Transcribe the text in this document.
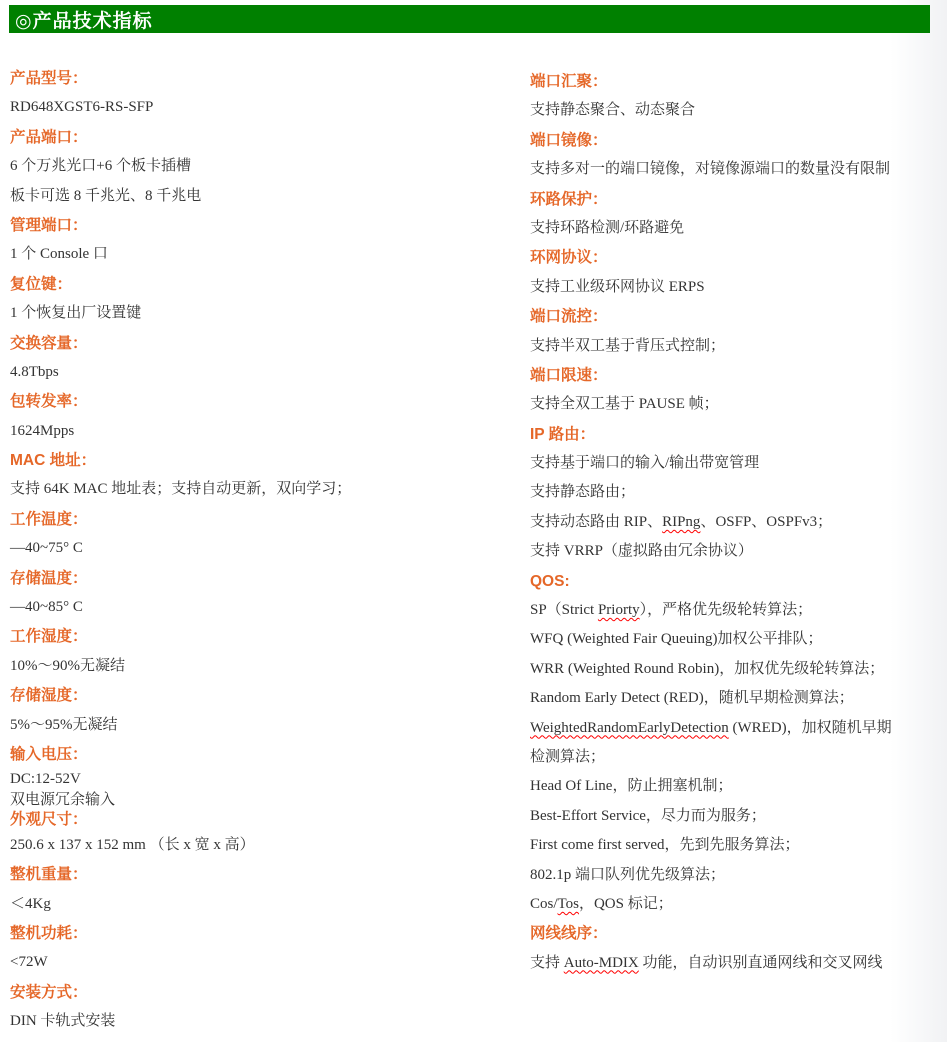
◎产品技术指标
产品型号：
RD648XGST6-RS-SFP
产品端口：
6 个万兆光口+6 个板卡插槽
板卡可选 8 千兆光、8 千兆电
管理端口：
1 个 Console 口
复位键：
1 个恢复出厂设置键
交换容量：
4.8Tbps
包转发率：
1624Mpps
MAC 地址：
支持 64K MAC 地址表；支持自动更新，双向学习；
工作温度：
—40~75° C
存储温度：
—40~85° C
工作湿度：
10%～90%无凝结
存储湿度：
5%～95%无凝结
输入电压：
DC:12-52V
双电源冗余输入
外观尺寸：
250.6 x 137 x 152 mm （长 x 宽 x 高）
整机重量：
＜4Kg
整机功耗：
<72W
安装方式：
DIN 卡轨式安装
端口汇聚：
支持静态聚合、动态聚合
端口镜像：
支持多对一的端口镜像，对镜像源端口的数量没有限制
环路保护：
支持环路检测/环路避免
环网协议：
支持工业级环网协议 ERPS
端口流控：
支持半双工基于背压式控制；
端口限速：
支持全双工基于 PAUSE 帧；
IP 路由：
支持基于端口的输入/输出带宽管理
支持静态路由；
支持动态路由 RIP、RIPng、OSFP、OSPFv3；
支持 VRRP（虚拟路由冗余协议）
QOS:
SP（Strict Priorty），严格优先级轮转算法；
WFQ (Weighted Fair Queuing)加权公平排队；
WRR (Weighted Round Robin)，加权优先级轮转算法；
Random Early Detect (RED)，随机早期检测算法；
WeightedRandomEarlyDetection (WRED)，加权随机早期
检测算法；
Head Of Line，防止拥塞机制；
Best-Effort Service，尽力而为服务；
First come first served，先到先服务算法；
802.1p 端口队列优先级算法；
Cos/Tos，QOS 标记；
网线线序：
支持 Auto-MDIX 功能，自动识别直通网线和交叉网线
